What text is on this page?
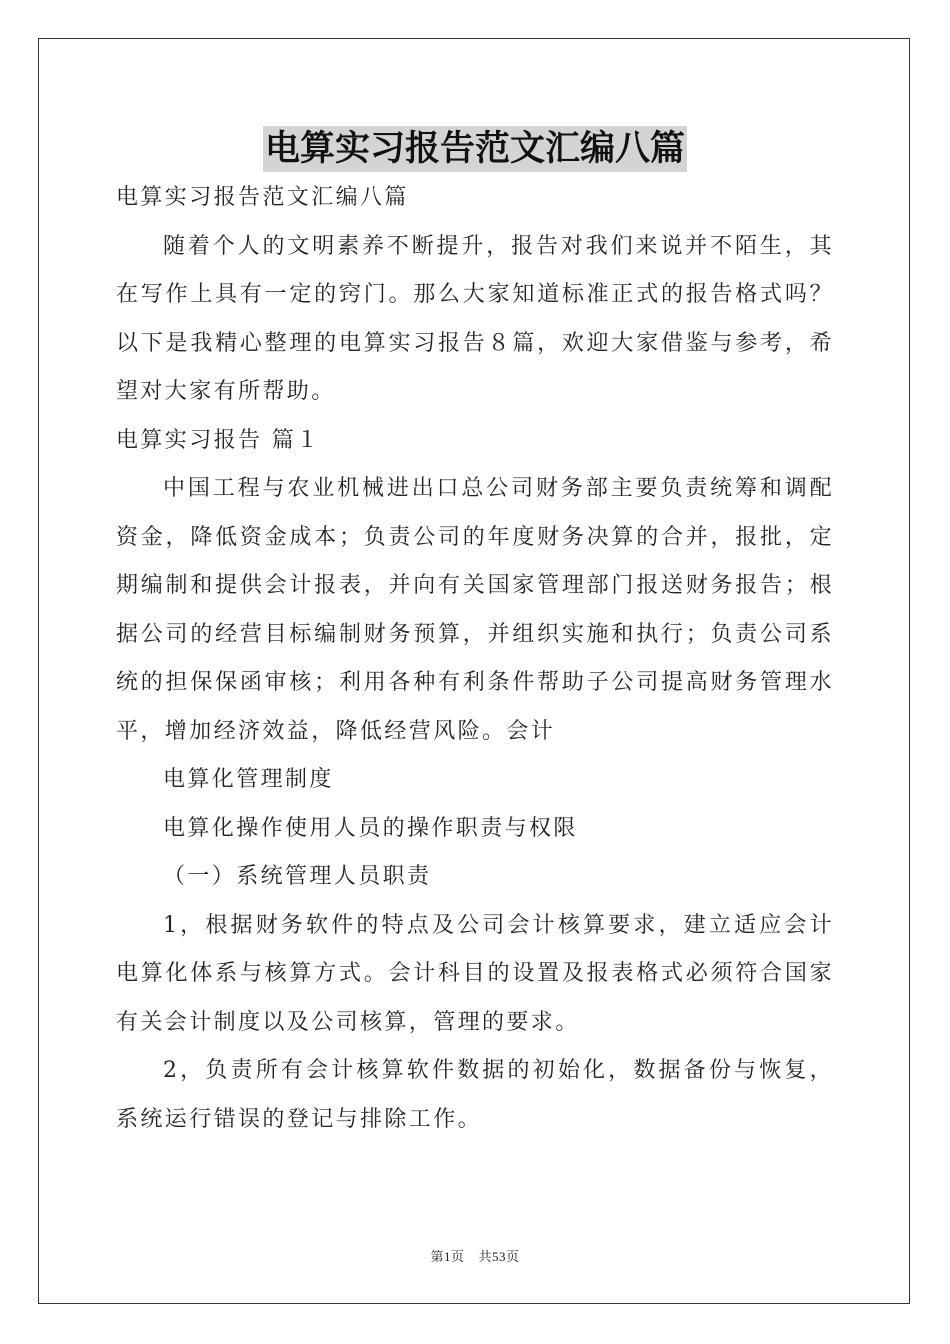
电算实习报告范文汇编八篇

电算实习报告范文汇编八篇

随着个人的文明素养不断提升，报告对我们来说并不陌生，其在写作上具有一定的窍门。那么大家知道标准正式的报告格式吗？以下是我精心整理的电算实习报告８篇，欢迎大家借鉴与参考，希望对大家有所帮助。

电算实习报告 篇１

中国工程与农业机械进出口总公司财务部主要负责统筹和调配资金，降低资金成本；负责公司的年度财务决算的合并，报批，定期编制和提供会计报表，并向有关国家管理部门报送财务报告；根据公司的经营目标编制财务预算，并组织实施和执行；负责公司系统的担保保函审核；利用各种有利条件帮助子公司提高财务管理水平，增加经济效益，降低经营风险。会计

电算化管理制度

电算化操作使用人员的操作职责与权限

（一）系统管理人员职责

1，根据财务软件的特点及公司会计核算要求，建立适应会计电算化体系与核算方式。会计科目的设置及报表格式必须符合国家有关会计制度以及公司核算，管理的要求。

2，负责所有会计核算软件数据的初始化，数据备份与恢复，系统运行错误的登记与排除工作。

第1页 共53页
